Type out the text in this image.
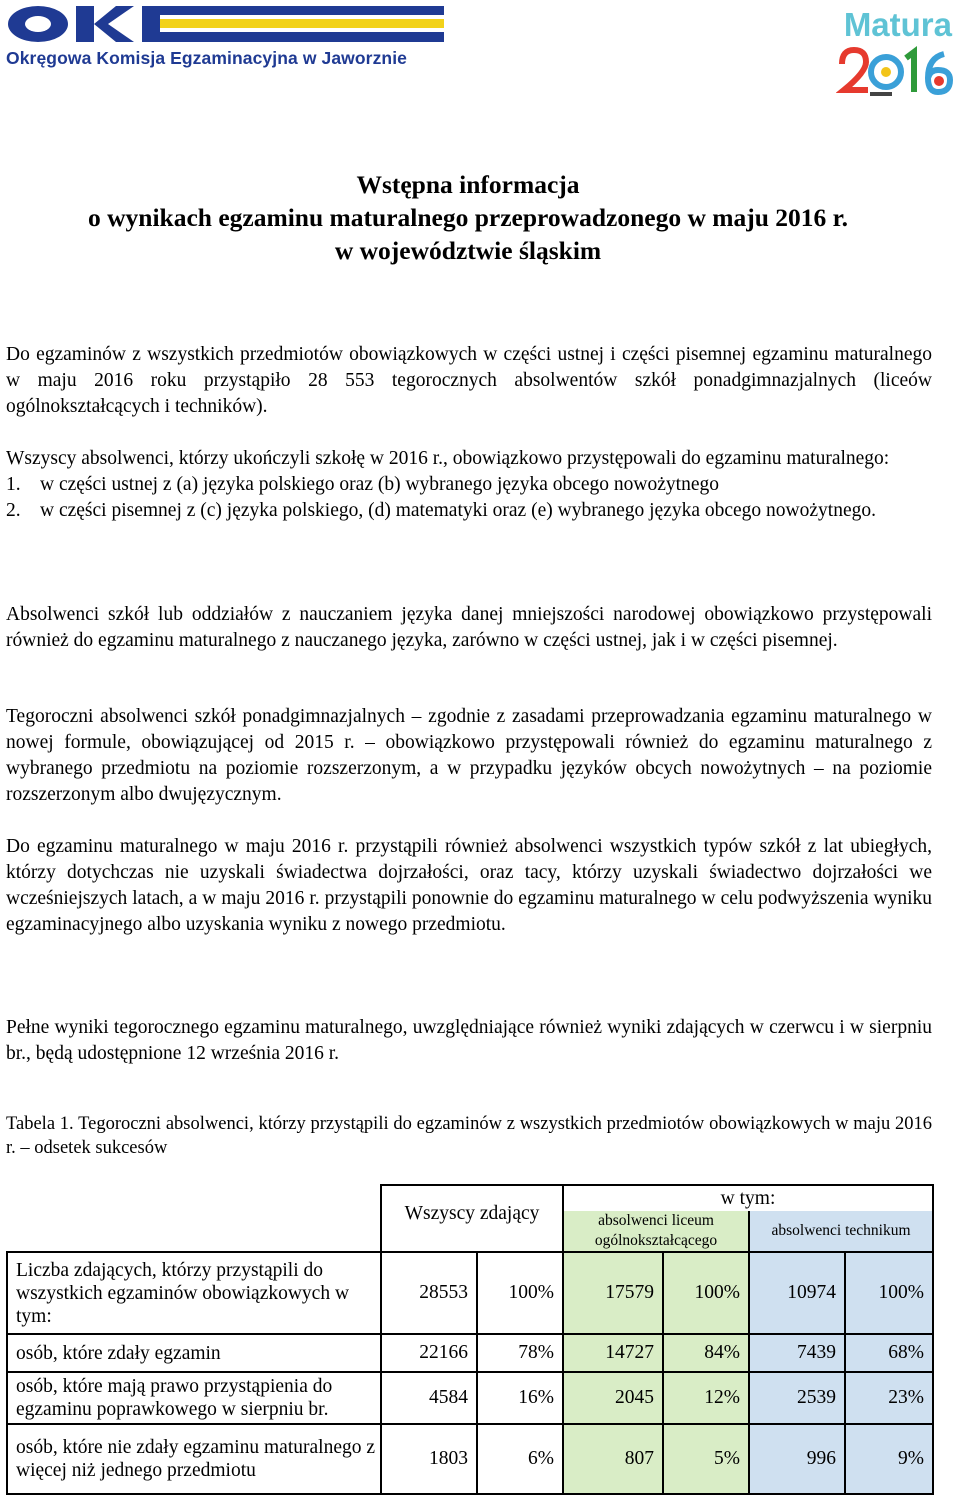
Okręgowa Komisja Egzaminacyjna w Jaworznie
Matura
Wstępna informacja
o wynikach egzaminu maturalnego przeprowadzonego w maju 2016 r.
w województwie śląskim

Do egzaminów z wszystkich przedmiotów obowiązkowych w części ustnej i części pisemnej egzaminu maturalnego w maju 2016 roku przystąpiło 28 553 tegorocznych absolwentów szkół ponadgimnazjalnych (liceów ogólnokształcących i techników).

Wszyscy absolwenci, którzy ukończyli szkołę w 2016 r., obowiązkowo przystępowali do egzaminu maturalnego:

1. w części ustnej z (a) języka polskiego oraz (b) wybranego języka obcego nowożytnego
2. w części pisemnej z (c) języka polskiego, (d) matematyki oraz (e) wybranego języka obcego nowożytnego.

Absolwenci szkół lub oddziałów z nauczaniem języka danej mniejszości narodowej obowiązkowo przystępowali również do egzaminu maturalnego z nauczanego języka, zarówno w części ustnej, jak i w części pisemnej.

Tegoroczni absolwenci szkół ponadgimnazjalnych – zgodnie z zasadami przeprowadzania egzaminu maturalnego w nowej formule, obowiązującej od 2015 r. – obowiązkowo przystępowali również do egzaminu maturalnego z wybranego przedmiotu na poziomie rozszerzonym, a w przypadku języków obcych nowożytnych – na poziomie rozszerzonym albo dwujęzycznym.

Do egzaminu maturalnego w maju 2016 r. przystąpili również absolwenci wszystkich typów szkół z lat ubiegłych, którzy dotychczas nie uzyskali świadectwa dojrzałości, oraz tacy, którzy uzyskali świadectwo dojrzałości we wcześniejszych latach, a w maju 2016 r. przystąpili ponownie do egzaminu maturalnego w celu podwyższenia wyniku egzaminacyjnego albo uzyskania wyniku z nowego przedmiotu.

Pełne wyniki tegorocznego egzaminu maturalnego, uwzględniające również wyniki zdających w czerwcu i w sierpniu br., będą udostępnione 12 września 2016 r.

Tabela 1. Tegoroczni absolwenci, którzy przystąpili do egzaminów z wszystkich przedmiotów obowiązkowych w maju 2016 r. – odsetek sukcesów

	Wszyscy zdający		w tym:			
			absolwenci liceum ogólnokształcącego		absolwenci technikum	
Liczba zdających, którzy przystąpili do wszystkich egzaminów obowiązkowych w tym:	28553	100%	17579	100%	10974	100%
osób, które zdały egzamin	22166	78%	14727	84%	7439	68%
osób, które mają prawo przystąpienia do egzaminu poprawkowego w sierpniu br.	4584	16%	2045	12%	2539	23%
osób, które nie zdały egzaminu maturalnego z więcej niż jednego przedmiotu	1803	6%	807	5%	996	9%
